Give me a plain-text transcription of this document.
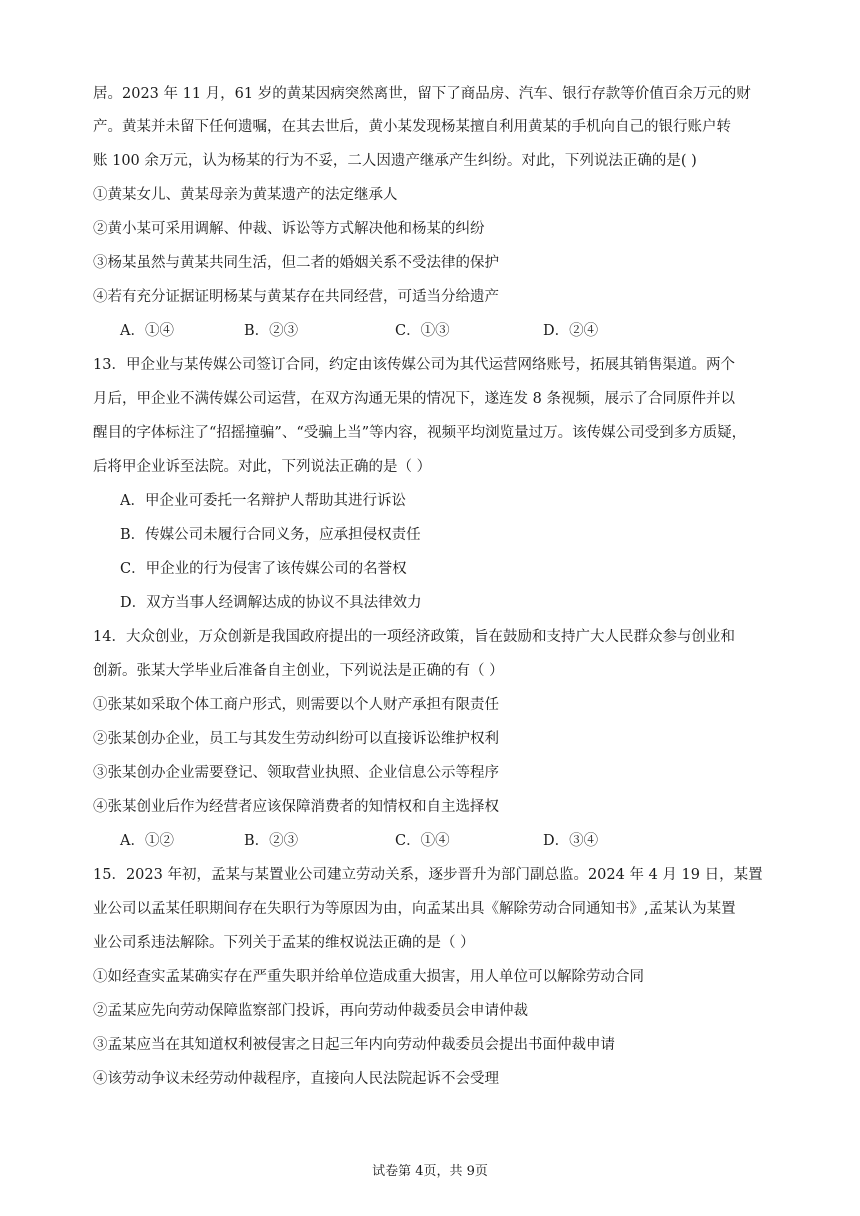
居。2023 年 11 月，61 岁的黄某因病突然离世，留下了商品房、汽车、银行存款等价值百余万元的财
产。黄某并未留下任何遗嘱，在其去世后，黄小某发现杨某擅自利用黄某的手机向自己的银行账户转
账 100 余万元，认为杨某的行为不妥，二人因遗产继承产生纠纷。对此，下列说法正确的是( )
①黄某女儿、黄某母亲为黄某遗产的法定继承人
②黄小某可采用调解、仲裁、诉讼等方式解决他和杨某的纠纷
③杨某虽然与黄某共同生活，但二者的婚姻关系不受法律的保护
④若有充分证据证明杨某与黄某存在共同经营，可适当分给遗产
A．①④	B．②③	C．①③	D．②④
13．甲企业与某传媒公司签订合同，约定由该传媒公司为其代运营网络账号，拓展其销售渠道。两个
月后，甲企业不满传媒公司运营，在双方沟通无果的情况下，遂连发 8 条视频，展示了合同原件并以
醒目的字体标注了“招摇撞骗”、“受骗上当”等内容，视频平均浏览量过万。该传媒公司受到多方质疑，
后将甲企业诉至法院。对此，下列说法正确的是（ ）
A．甲企业可委托一名辩护人帮助其进行诉讼
B．传媒公司未履行合同义务，应承担侵权责任
C．甲企业的行为侵害了该传媒公司的名誉权
D．双方当事人经调解达成的协议不具法律效力
14．大众创业，万众创新是我国政府提出的一项经济政策，旨在鼓励和支持广大人民群众参与创业和
创新。张某大学毕业后准备自主创业，下列说法是正确的有（ ）
①张某如采取个体工商户形式，则需要以个人财产承担有限责任
②张某创办企业，员工与其发生劳动纠纷可以直接诉讼维护权利
③张某创办企业需要登记、领取营业执照、企业信息公示等程序
④张某创业后作为经营者应该保障消费者的知情权和自主选择权
A．①②	B．②③	C．①④	D．③④
15．2023 年初，孟某与某置业公司建立劳动关系，逐步晋升为部门副总监。2024 年 4 月 19 日，某置
业公司以孟某任职期间存在失职行为等原因为由，向孟某出具《解除劳动合同通知书》,孟某认为某置
业公司系违法解除。下列关于孟某的维权说法正确的是（ ）
①如经查实孟某确实存在严重失职并给单位造成重大损害，用人单位可以解除劳动合同
②孟某应先向劳动保障监察部门投诉，再向劳动仲裁委员会申请仲裁
③孟某应当在其知道权利被侵害之日起三年内向劳动仲裁委员会提出书面仲裁申请
④该劳动争议未经劳动仲裁程序，直接向人民法院起诉不会受理
试卷第 4页，共 9页
